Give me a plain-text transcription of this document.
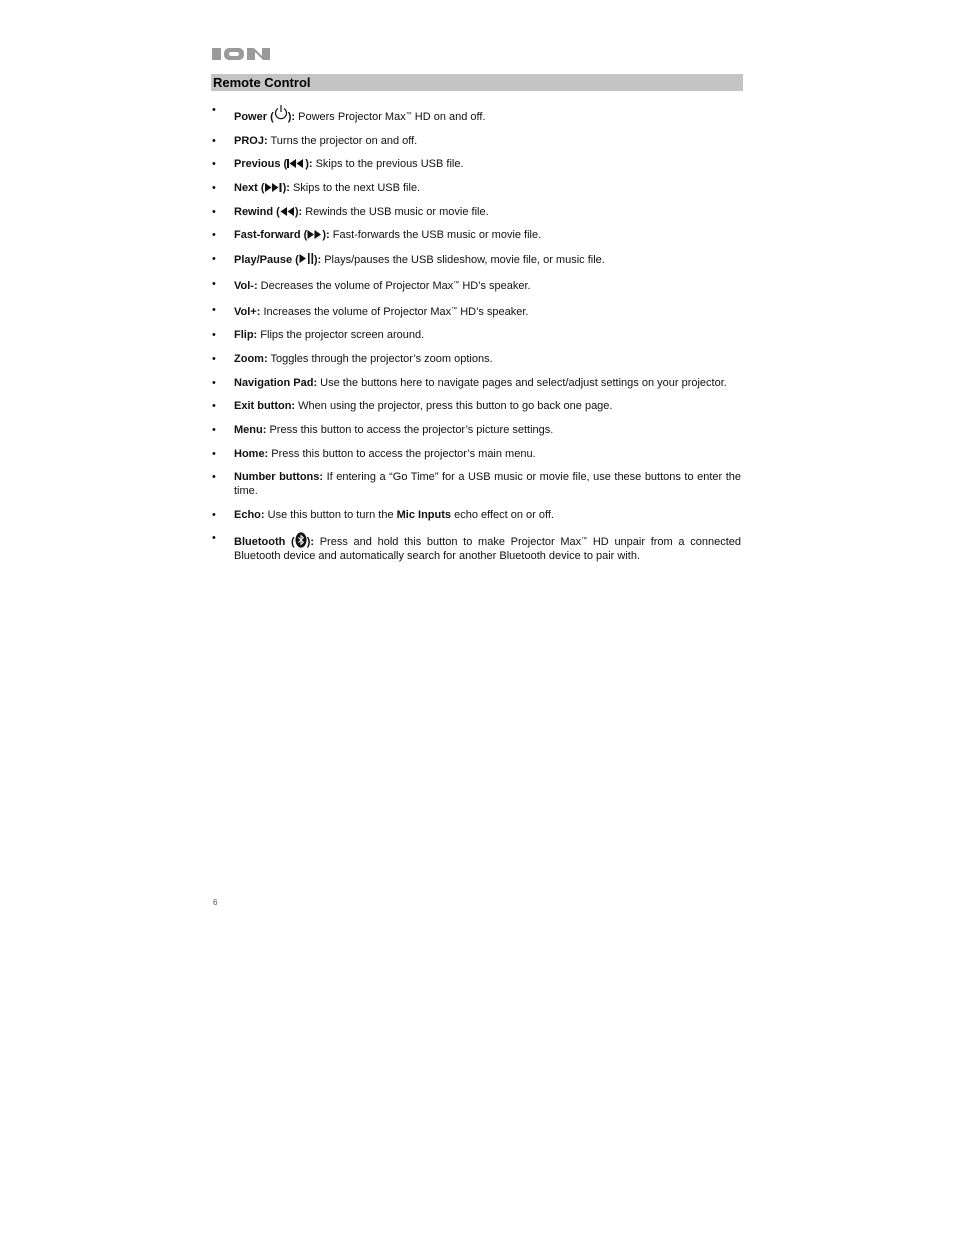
Remote Control
•
Power ( ): Powers Projector Max™ HD on and off.
• PROJ: Turns the projector on and off.
• Previous ( ): Skips to the previous USB file.
• Next ( ): Skips to the next USB file.
• Rewind ( ): Rewinds the USB music or movie file.
• Fast-forward ( ): Fast-forwards the USB music or movie file.
• Play/Pause ( ): Plays/pauses the USB slideshow, movie file, or music file.
• Vol-: Decreases the volume of Projector Max™ HD’s speaker.
• Vol+: Increases the volume of Projector Max™ HD’s speaker.
• Flip: Flips the projector screen around.
• Zoom: Toggles through the projector’s zoom options.
• Navigation Pad: Use the buttons here to navigate pages and select/adjust settings on your projector.
• Exit button: When using the projector, press this button to go back one page.
• Menu: Press this button to access the projector’s picture settings.
• Home: Press this button to access the projector’s main menu.
• Number buttons: If entering a “Go Time” for a USB music or movie file, use these buttons to enter the time.
• Echo: Use this button to turn the Mic Inputs echo effect on or off.
• Bluetooth ( ): Press and hold this button to make Projector Max™ HD unpair from a connected Bluetooth device and automatically search for another Bluetooth device to pair with.
6
